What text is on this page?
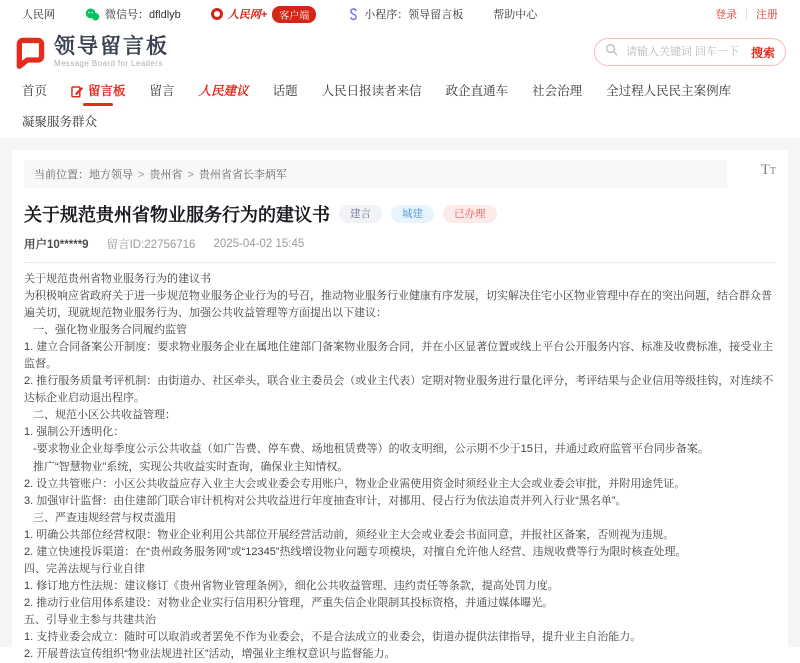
人民网	微信号：dfldlyb	人民网+	客户端	小程序：领导留言板	帮助中心	登录 | 注册
领导留言板
Message Board for Leaders
请输入关键词 回车一下
搜索
首页	留言板 留言 人民建议 话题 人民日报读者来信 政企直通车 社会治理 全过程人民民主案例库
凝聚服务群众
当前位置：地方领导 > 贵州省 > 贵州省省长李炳军	TT
关于规范贵州省物业服务行为的建议书	建言	城建	已办理
用户10*****9 留言ID:22756716 2025-04-02 15:45

关于规范贵州省物业服务行为的建议书

为积极响应省政府关于进一步规范物业服务企业行为的号召，推动物业服务行业健康有序发展，切实解决住宅小区物业管理中存在的突出问题，结合群众普遍关切，现就规范物业服务行为、加强公共收益管理等方面提出以下建议：

一、强化物业服务合同履约监管

1. 建立合同备案公开制度：要求物业服务企业在属地住建部门备案物业服务合同，并在小区显著位置或线上平台公开服务内容、标准及收费标准，接受业主监督。

2. 推行服务质量考评机制：由街道办、社区牵头，联合业主委员会（或业主代表）定期对物业服务进行量化评分，考评结果与企业信用等级挂钩，对连续不达标企业启动退出程序。

二、规范小区公共收益管理：

1. 强制公开透明化：

-要求物业企业每季度公示公共收益（如广告费、停车费、场地租赁费等）的收支明细，公示期不少于15日，并通过政府监管平台同步备案。

推广“智慧物业”系统，实现公共收益实时查询，确保业主知情权。

2. 设立共管账户：小区公共收益应存入业主大会或业委会专用账户，物业企业需使用资金时须经业主大会或业委会审批，并附用途凭证。

3. 加强审计监督：由住建部门联合审计机构对公共收益进行年度抽查审计，对挪用、侵占行为依法追责并列入行业“黑名单”。

三、严查违规经营与权责滥用

1. 明确公共部位经营权限：物业企业利用公共部位开展经营活动前，须经业主大会或业委会书面同意，并报社区备案，否则视为违规。

2. 建立快速投诉渠道：在“贵州政务服务网”或“12345”热线增设物业问题专项模块，对擅自允许他人经营、违规收费等行为限时核查处理。

四、完善法规与行业自律

1. 修订地方性法规：建议修订《贵州省物业管理条例》，细化公共收益管理、违约责任等条款，提高处罚力度。

2. 推动行业信用体系建设：对物业企业实行信用积分管理，严重失信企业限制其投标资格，并通过媒体曝光。

五、引导业主参与共建共治

1. 支持业委会成立：随时可以取消或者罢免不作为业委会，不是合法成立的业委会，街道办提供法律指导，提升业主自治能力。

2. 开展普法宣传组织“物业法规进社区”活动，增强业主维权意识与监督能力。
